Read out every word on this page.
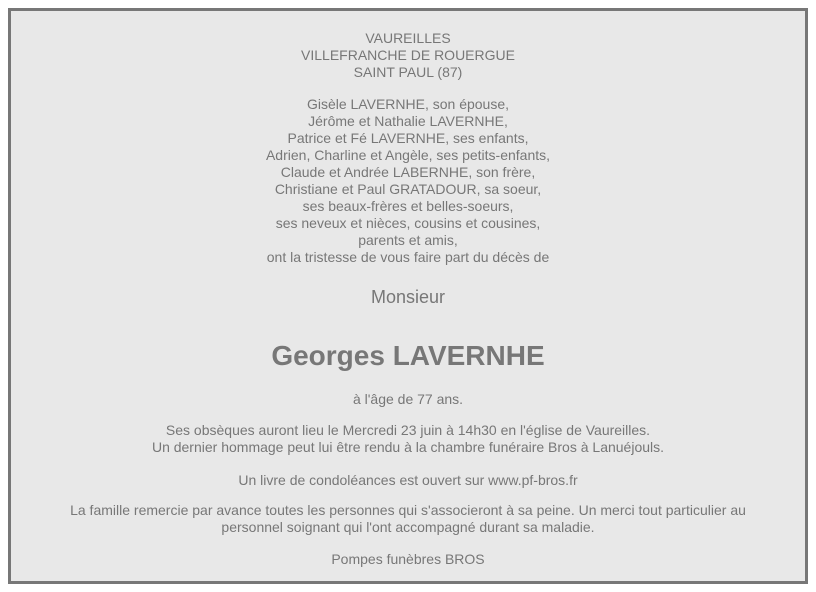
VAUREILLES
VILLEFRANCHE DE ROUERGUE
SAINT PAUL (87)
Gisèle LAVERNHE, son épouse,
Jérôme et Nathalie LAVERNHE,
Patrice et Fé LAVERNHE, ses enfants,
Adrien, Charline et Angèle, ses petits-enfants,
Claude et Andrée LABERNHE, son frère,
Christiane et Paul GRATADOUR, sa soeur,
ses beaux-frères et belles-soeurs,
ses neveux et nièces, cousins et cousines,
parents et amis,
ont la tristesse de vous faire part du décès de
Monsieur
Georges LAVERNHE
à l'âge de 77 ans.
Ses obsèques auront lieu le Mercredi 23 juin à 14h30 en l'église de Vaureilles.
Un dernier hommage peut lui être rendu à la chambre funéraire Bros à Lanuéjouls.
Un livre de condoléances est ouvert sur www.pf-bros.fr
La famille remercie par avance toutes les personnes qui s'associeront à sa peine. Un merci tout particulier au
personnel soignant qui l'ont accompagné durant sa maladie.
Pompes funèbres BROS
